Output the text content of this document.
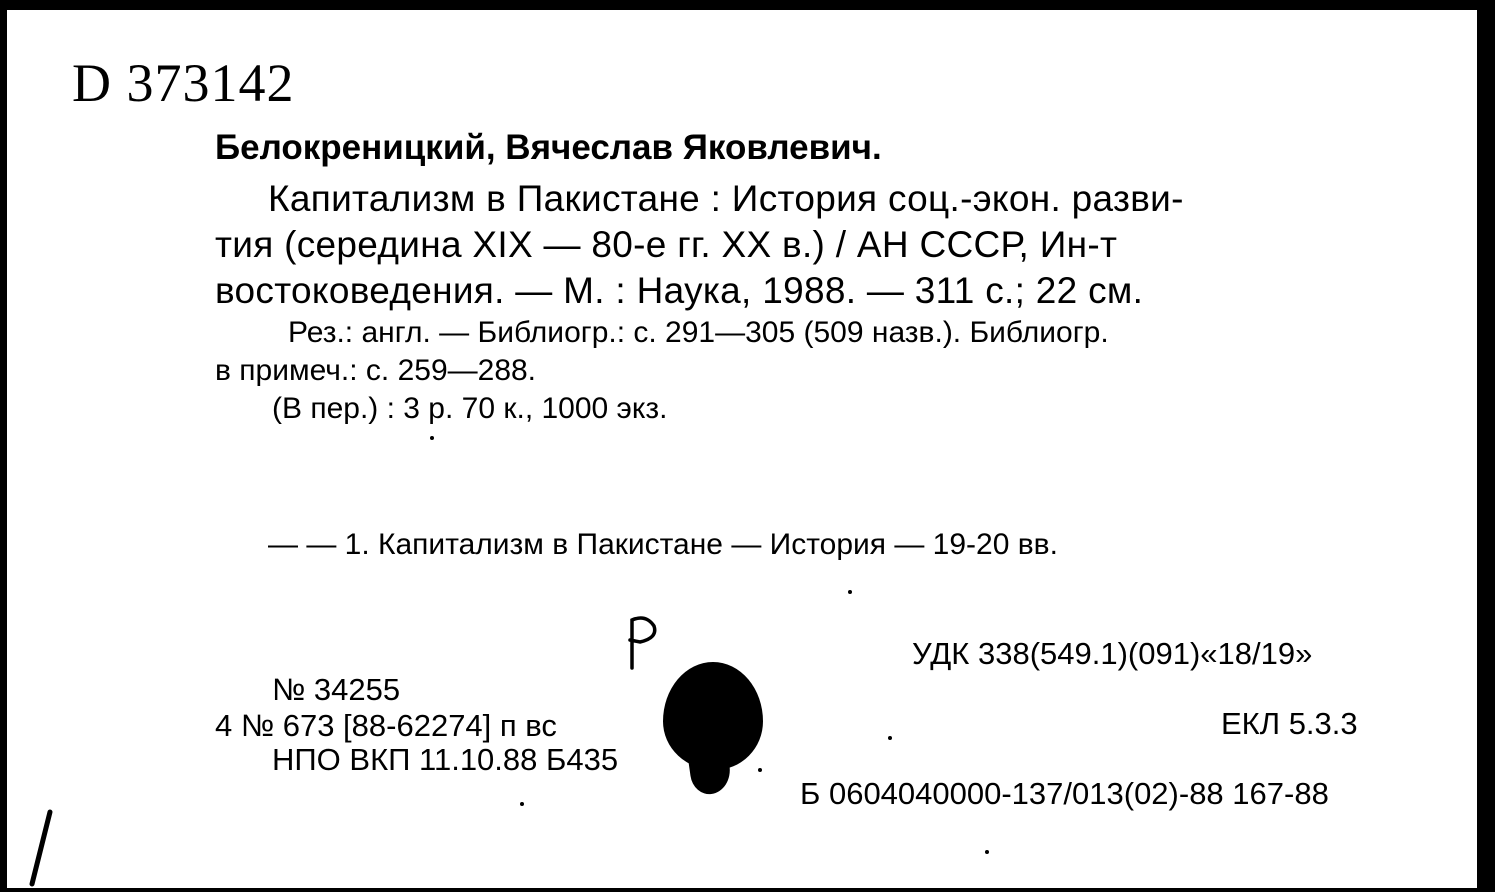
D 373142
Белокреницкий, Вячеслав Яковлевич.
Капитализм в Пакистане : История соц.-экон. разви-
тия (середина XIX — 80-е гг. XX в.) / АН СССР, Ин-т
востоковедения. — М. : Наука, 1988. — 311 с.; 22 см.
Рез.: англ. — Библиогр.: с. 291—305 (509 назв.). Библиогр.
в примеч.: с. 259—288.
(В пер.) : 3 р. 70 к., 1000 экз.
— — 1. Капитализм в Пакистане — История — 19-20 вв.
УДК 338(549.1)(091)«18/19»
ЕКЛ 5.3.3
Б 0604040000-137/013(02)-88 167-88
№ 34255
4 № 673 [88-62274] п вс
НПО ВКП 11.10.88 Б435
